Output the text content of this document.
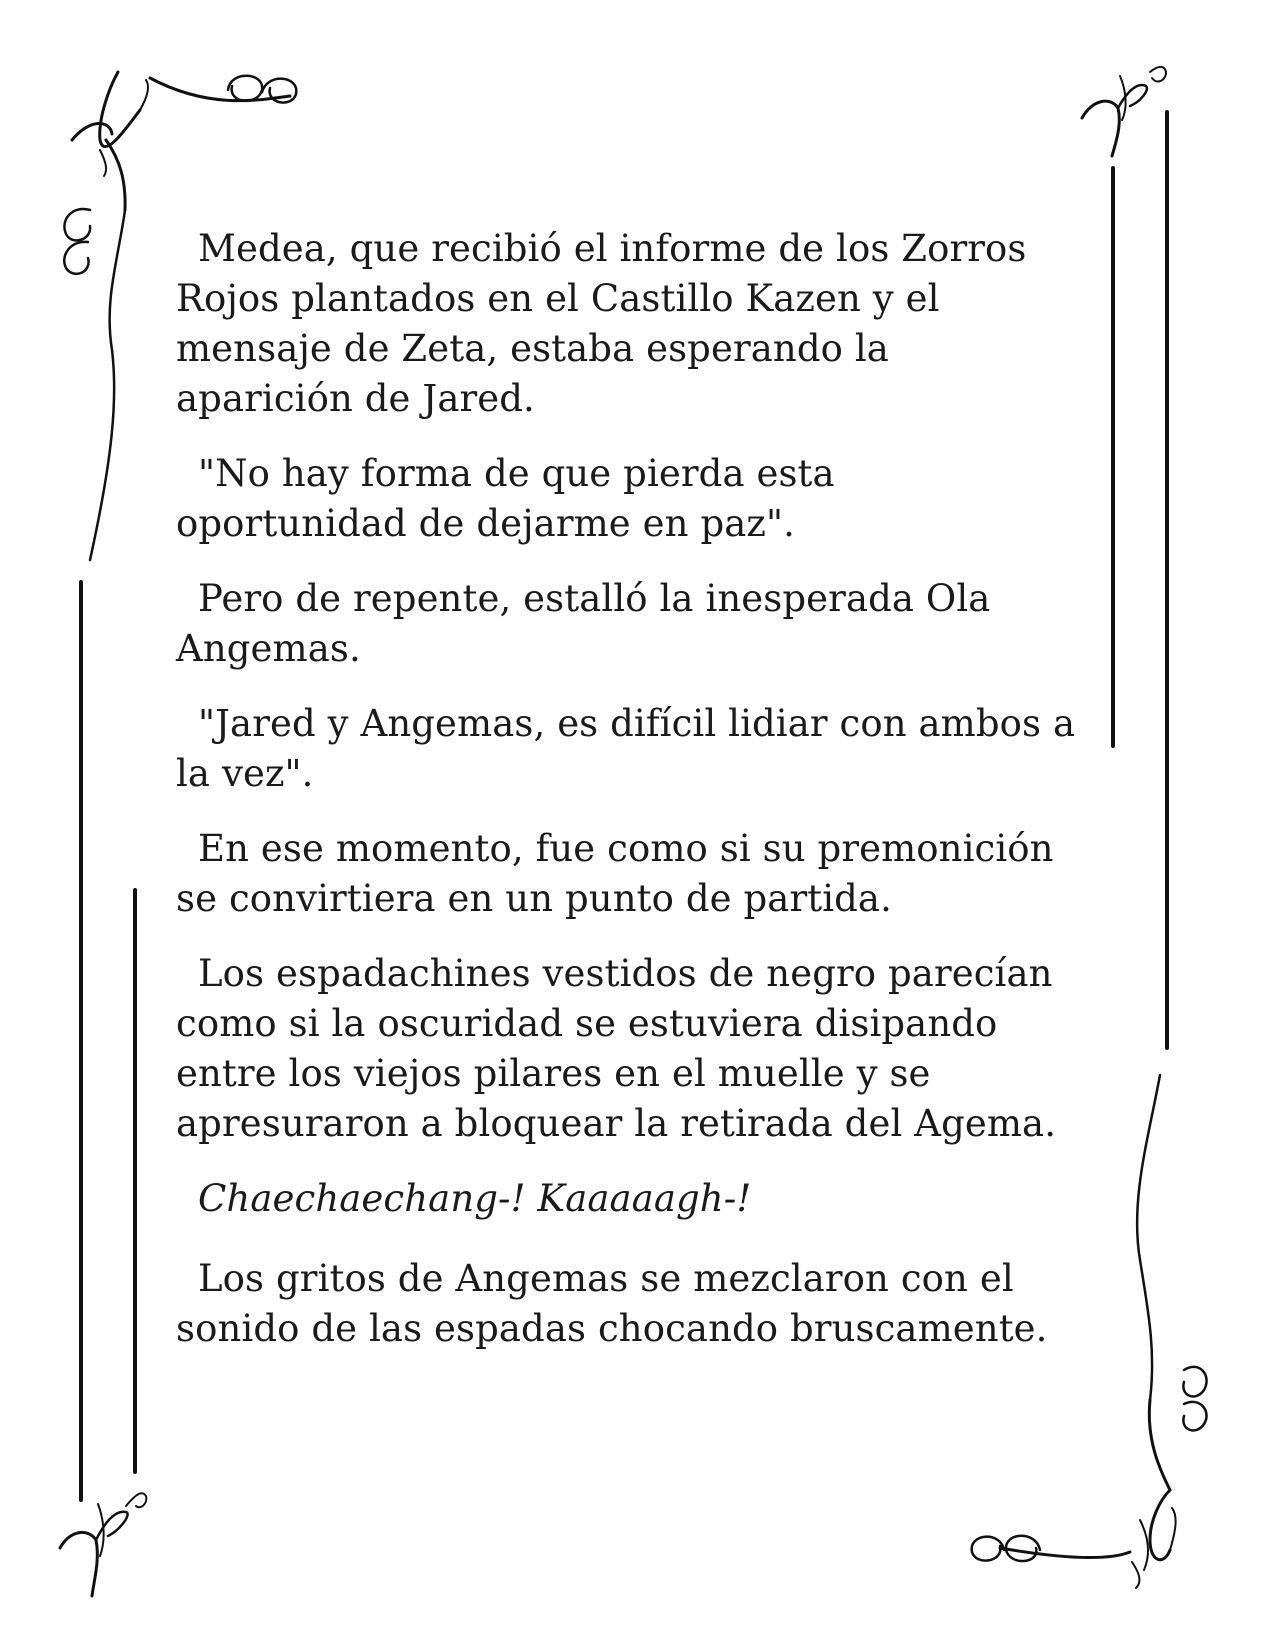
Medea, que recibió el informe de los Zorros Rojos plantados en el Castillo Kazen y el mensaje de Zeta, estaba esperando la aparición de Jared.

"No hay forma de que pierda esta oportunidad de dejarme en paz".

Pero de repente, estalló la inesperada Ola Angemas.

"Jared y Angemas, es difícil lidiar con ambos a la vez".

En ese momento, fue como si su premonición se convirtiera en un punto de partida.

Los espadachines vestidos de negro parecían como si la oscuridad se estuviera disipando entre los viejos pilares en el muelle y se apresuraron a bloquear la retirada del Agema.

Chaechaechang-! Kaaaaagh-!

Los gritos de Angemas se mezclaron con el sonido de las espadas chocando bruscamente.
